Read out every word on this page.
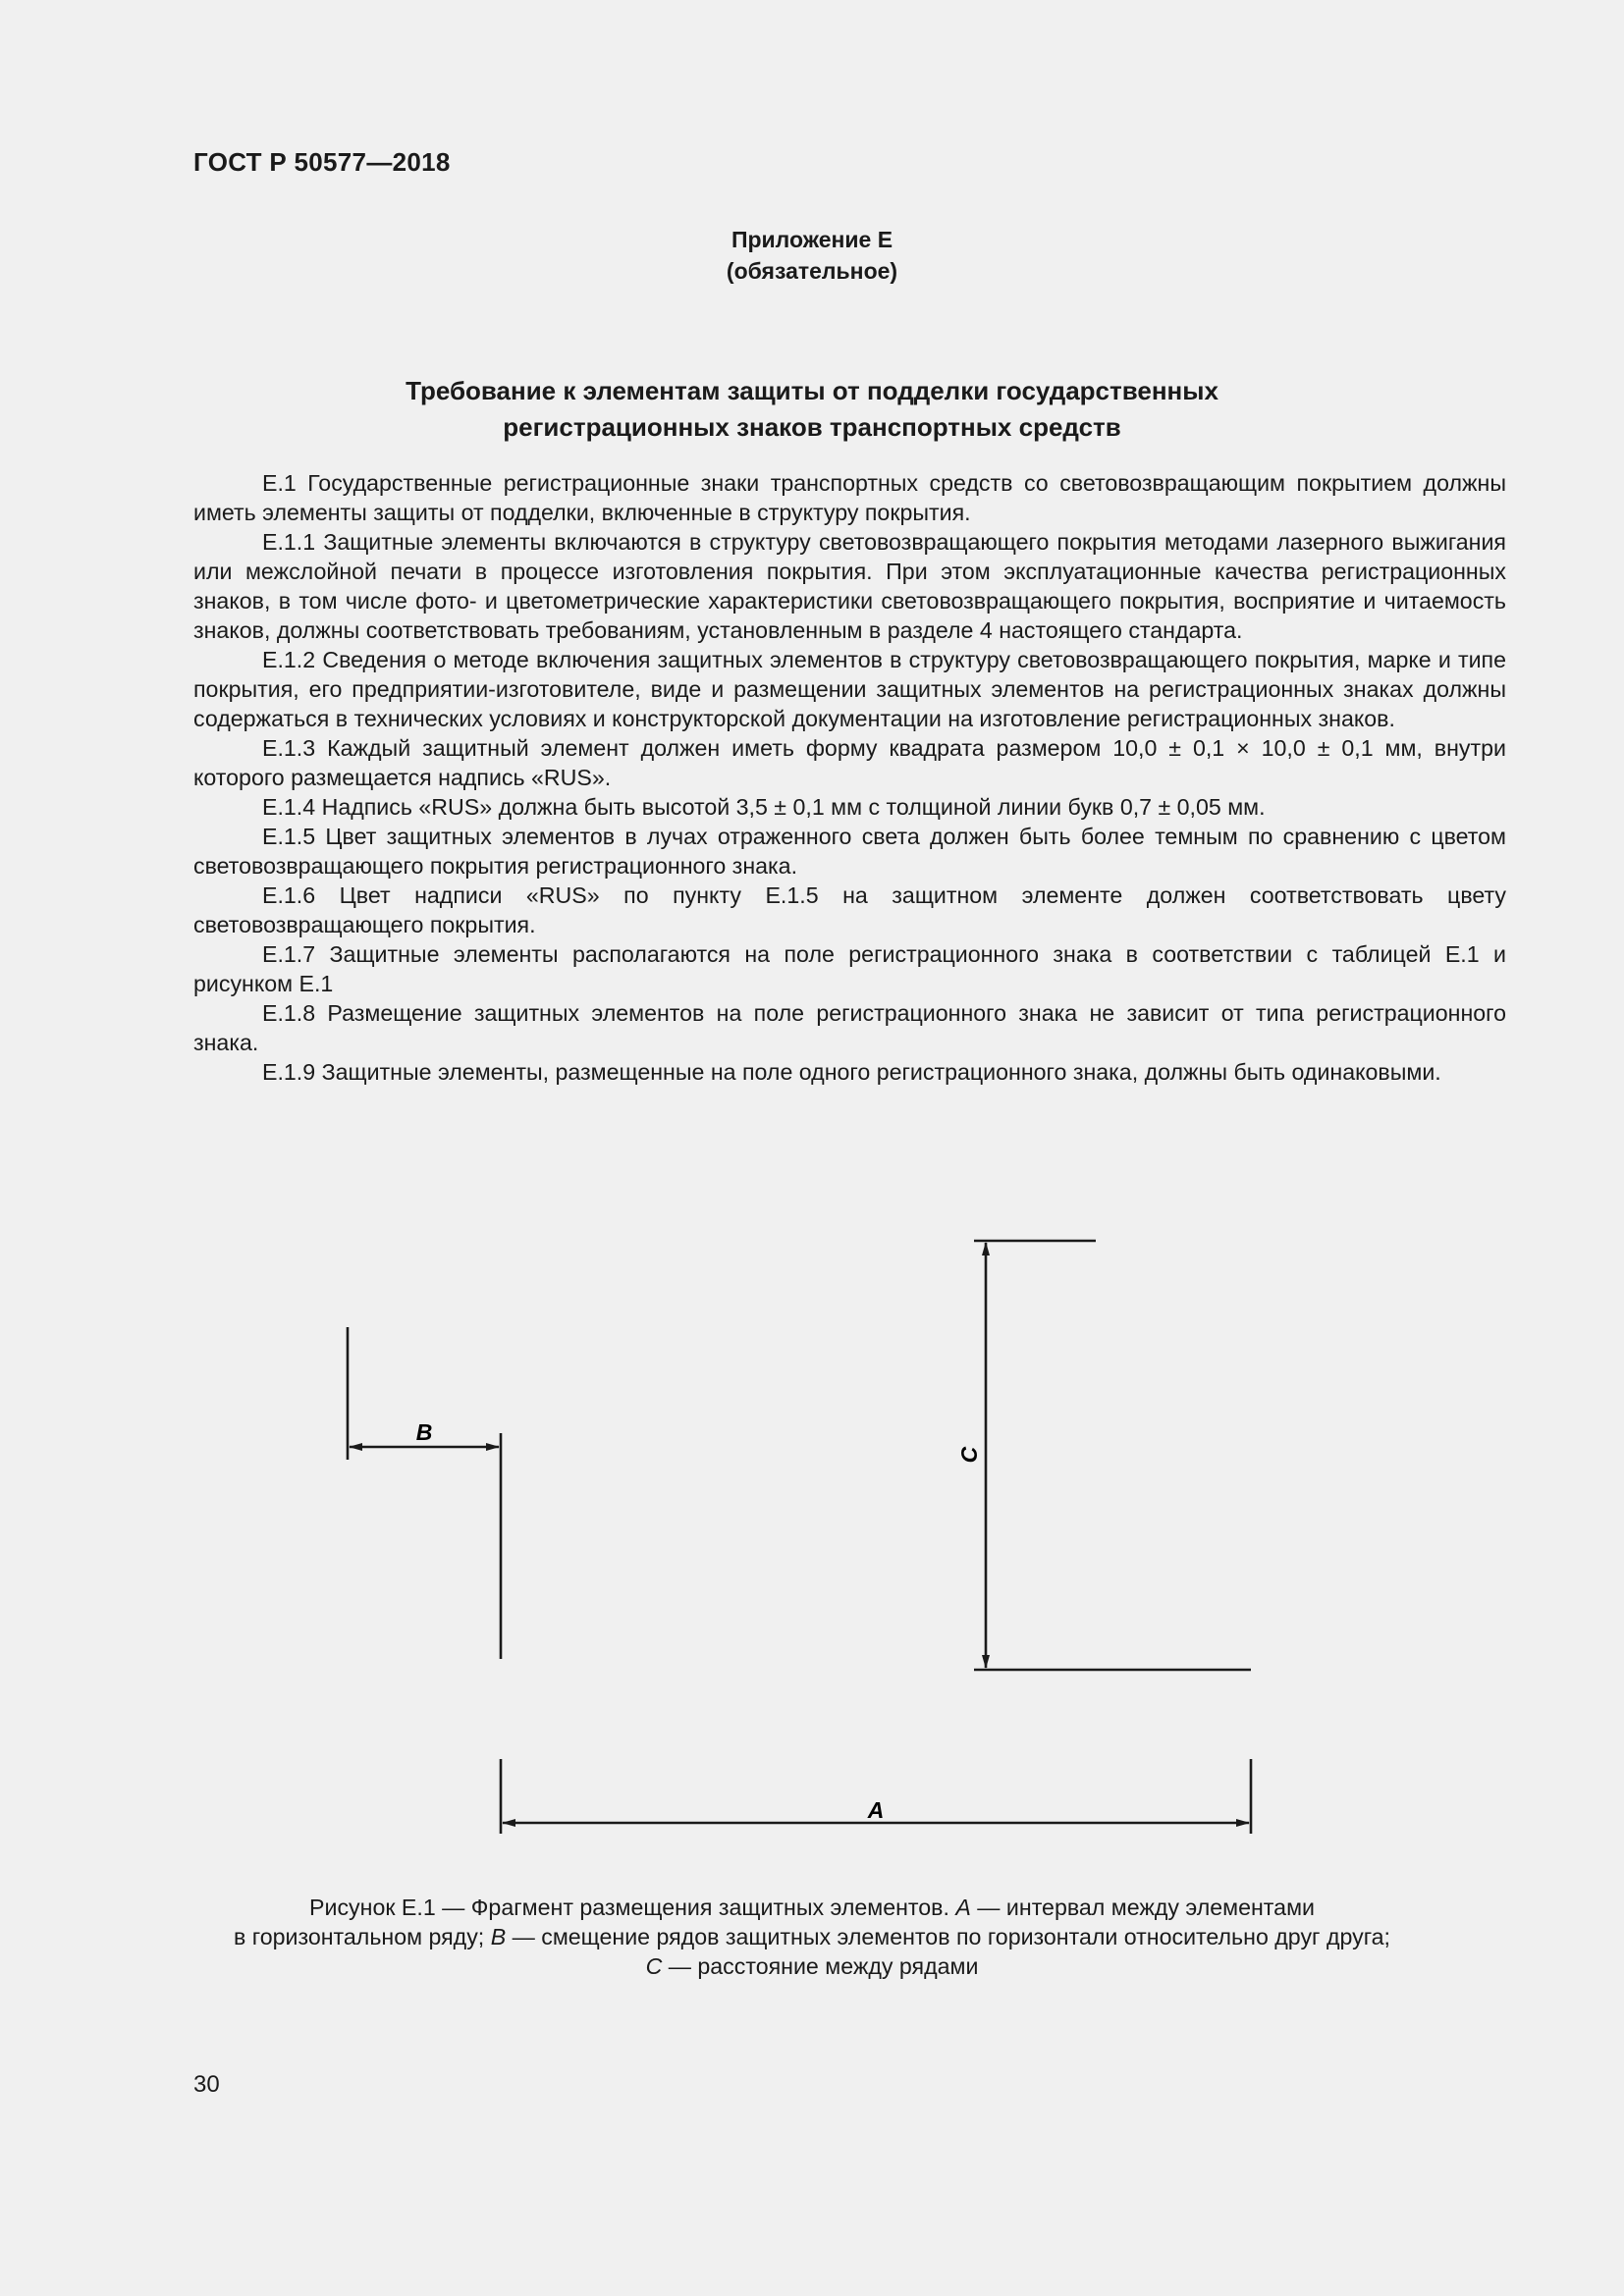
ГОСТ Р 50577—2018
Приложение Е
(обязательное)
Требование к элементам защиты от подделки государственных
регистрационных знаков транспортных средств

Е.1 Государственные регистрационные знаки транспортных средств со световозвращающим покрытием должны иметь элементы защиты от подделки, включенные в структуру покрытия.

Е.1.1 Защитные элементы включаются в структуру световозвращающего покрытия методами лазерного выжигания или межслойной печати в процессе изготовления покрытия. При этом эксплуатационные качества регистрационных знаков, в том числе фото- и цветометрические характеристики световозвращающего покрытия, восприятие и читаемость знаков, должны соответствовать требованиям, установленным в разделе 4 настоящего стандарта.

Е.1.2 Сведения о методе включения защитных элементов в структуру световозвращающего покрытия, марке и типе покрытия, его предприятии-изготовителе, виде и размещении защитных элементов на регистрационных знаках должны содержаться в технических условиях и конструкторской документации на изготовление регистрационных знаков.

Е.1.3 Каждый защитный элемент должен иметь форму квадрата размером 10,0 ± 0,1 × 10,0 ± 0,1 мм, внутри которого размещается надпись «RUS».

Е.1.4 Надпись «RUS» должна быть высотой 3,5 ± 0,1 мм с толщиной линии букв 0,7 ± 0,05 мм.

Е.1.5 Цвет защитных элементов в лучах отраженного света должен быть более темным по сравнению с цветом световозвращающего покрытия регистрационного знака.

Е.1.6 Цвет надписи «RUS» по пункту Е.1.5 на защитном элементе должен соответствовать цвету световозвращающего покрытия.

Е.1.7 Защитные элементы располагаются на поле регистрационного знака в соответствии с таблицей Е.1 и рисунком Е.1

Е.1.8 Размещение защитных элементов на поле регистрационного знака не зависит от типа регистрационного знака.

Е.1.9 Защитные элементы, размещенные на поле одного регистрационного знака, должны быть одинаковыми.

B
C
A
Рисунок Е.1 — Фрагмент размещения защитных элементов. A — интервал между элементами
в горизонтальном ряду; B — смещение рядов защитных элементов по горизонтали относительно друг друга;
C — расстояние между рядами
30
